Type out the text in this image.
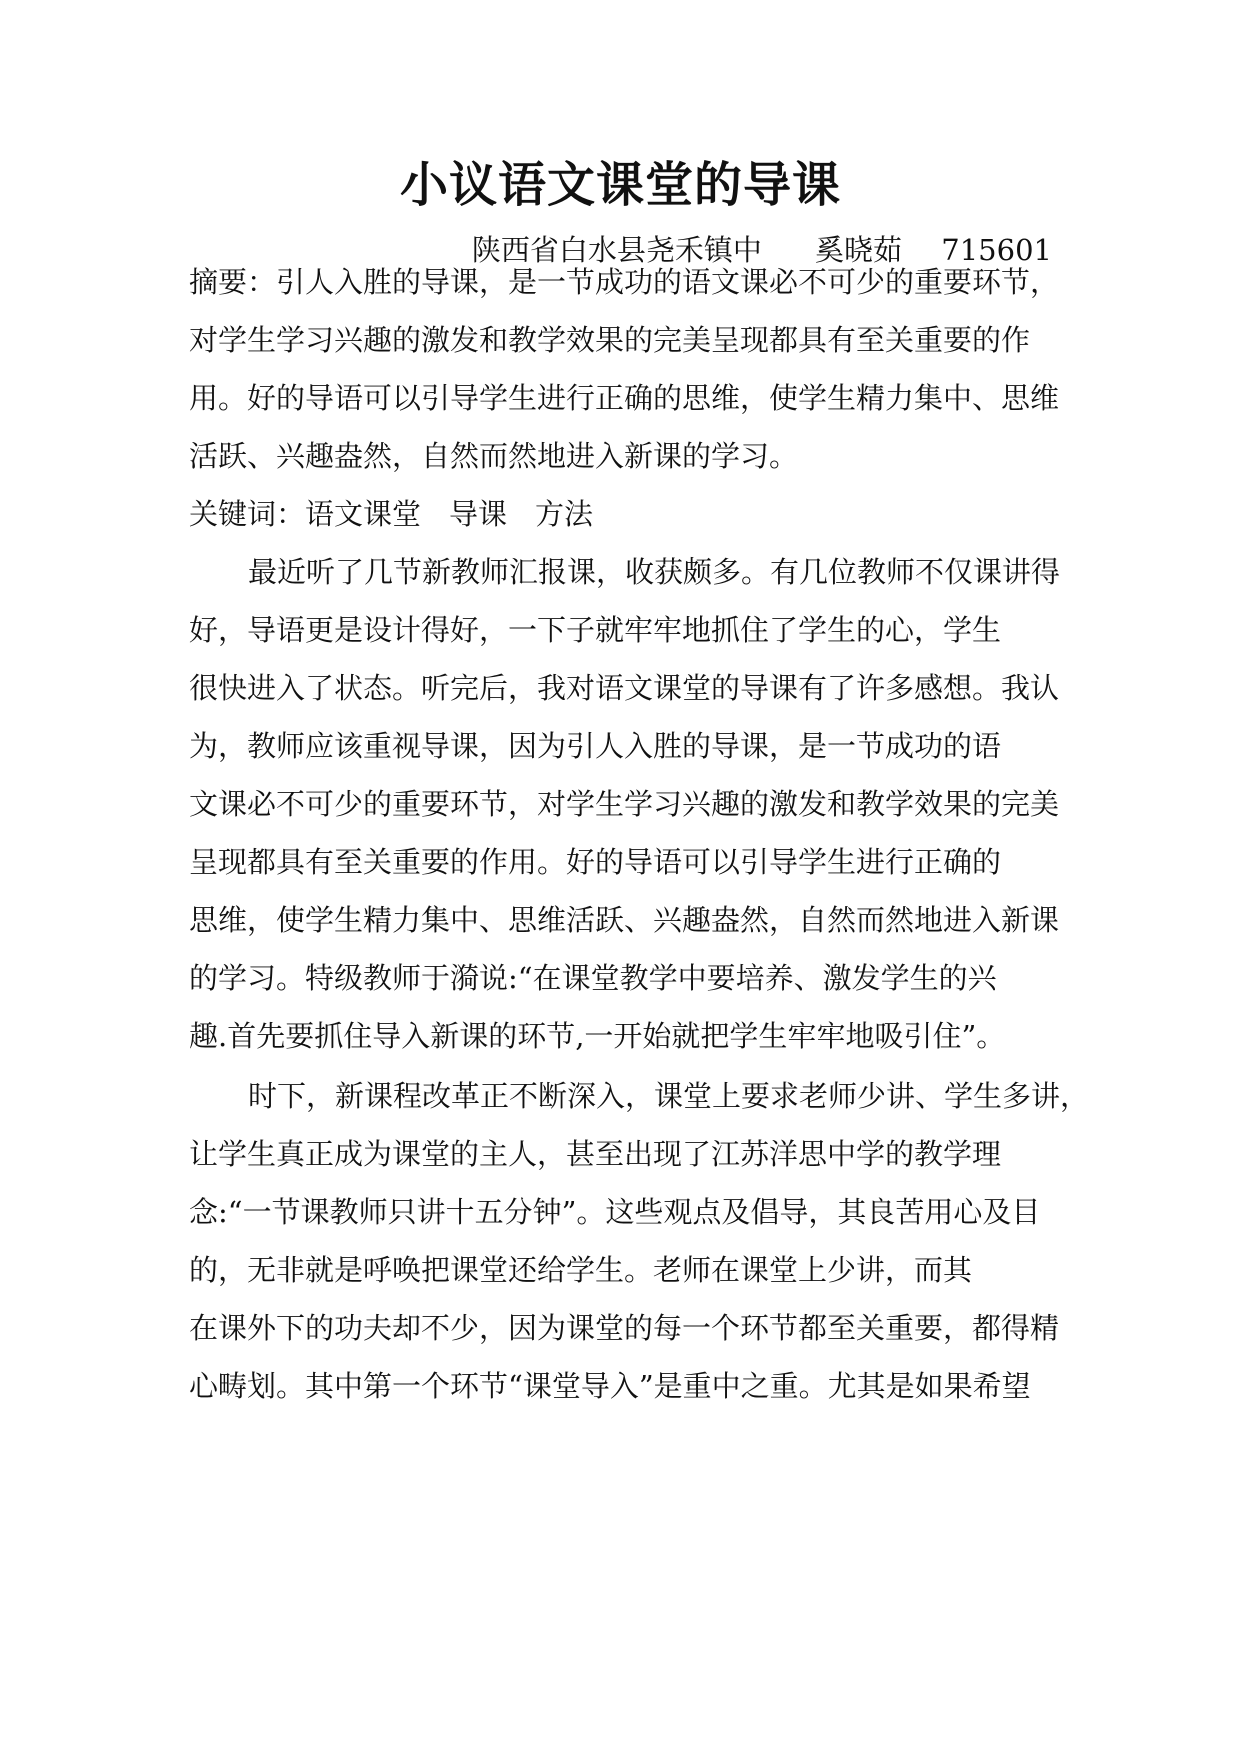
小议语文课堂的导课
陕西省白水县尧禾镇中 奚晓茹 715601
摘要：引人入胜的导课，是一节成功的语文课必不可少的重要环节，
对学生学习兴趣的激发和教学效果的完美呈现都具有至关重要的作
用。好的导语可以引导学生进行正确的思维，使学生精力集中、思维
活跃、兴趣盎然，自然而然地进入新课的学习。
关键词：语文课堂 导课 方法
最近听了几节新教师汇报课，收获颇多。有几位教师不仅课讲得
好，导语更是设计得好，一下子就牢牢地抓住了学生的心，学生
很快进入了状态。听完后，我对语文课堂的导课有了许多感想。我认
为，教师应该重视导课，因为引人入胜的导课，是一节成功的语
文课必不可少的重要环节，对学生学习兴趣的激发和教学效果的完美
呈现都具有至关重要的作用。好的导语可以引导学生进行正确的
思维，使学生精力集中、思维活跃、兴趣盎然，自然而然地进入新课
的学习。特级教师于漪说:“在课堂教学中要培养、激发学生的兴
趣.首先要抓住导入新课的环节,一开始就把学生牢牢地吸引住”。
时下，新课程改革正不断深入，课堂上要求老师少讲、学生多讲，
让学生真正成为课堂的主人，甚至出现了江苏洋思中学的教学理
念:“一节课教师只讲十五分钟”。这些观点及倡导，其良苦用心及目
的，无非就是呼唤把课堂还给学生。老师在课堂上少讲，而其
在课外下的功夫却不少，因为课堂的每一个环节都至关重要，都得精
心畴划。其中第一个环节“课堂导入”是重中之重。尤其是如果希望
